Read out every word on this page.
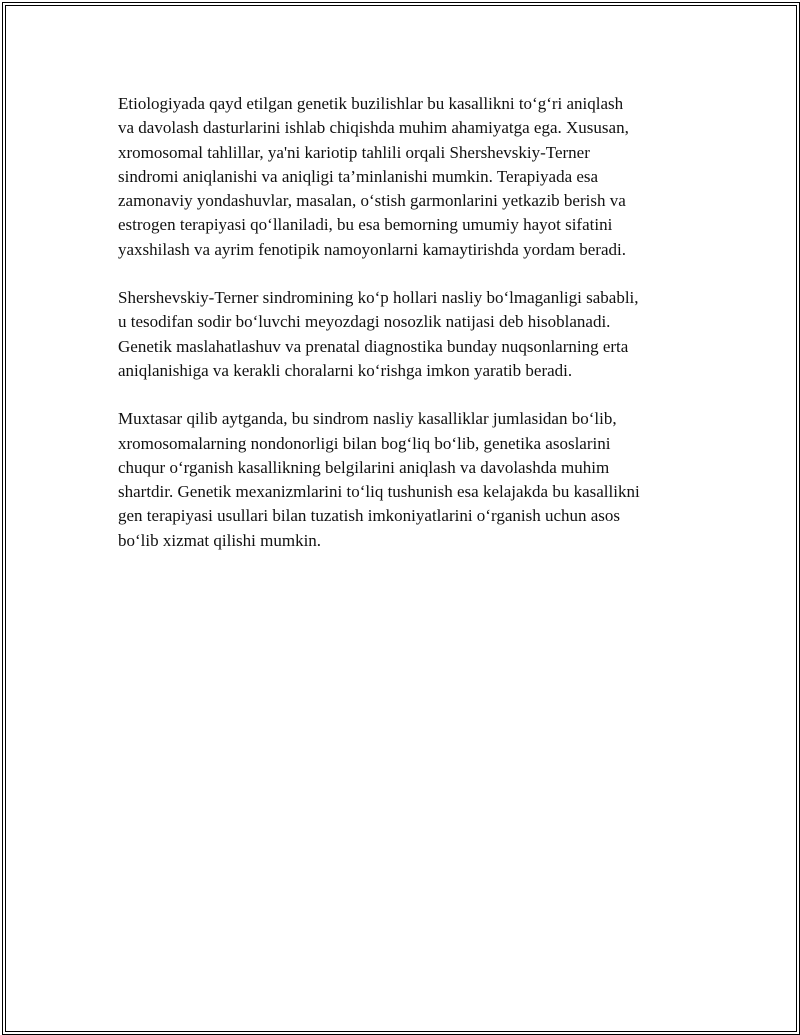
Etiologiyada qayd etilgan genetik buzilishlar bu kasallikni to‘g‘ri aniqlash
va davolash dasturlarini ishlab chiqishda muhim ahamiyatga ega. Xususan,
xromosomal tahlillar, ya'ni kariotip tahlili orqali Shershevskiy-Terner
sindromi aniqlanishi va aniqligi ta’minlanishi mumkin. Terapiyada esa
zamonaviy yondashuvlar, masalan, o‘stish garmonlarini yetkazib berish va
estrogen terapiyasi qo‘llaniladi, bu esa bemorning umumiy hayot sifatini
yaxshilash va ayrim fenotipik namoyonlarni kamaytirishda yordam beradi.

Shershevskiy-Terner sindromining ko‘p hollari nasliy bo‘lmaganligi sababli,
u tesodifan sodir bo‘luvchi meyozdagi nosozlik natijasi deb hisoblanadi.
Genetik maslahatlashuv va prenatal diagnostika bunday nuqsonlarning erta
aniqlanishiga va kerakli choralarni ko‘rishga imkon yaratib beradi.

Muxtasar qilib aytganda, bu sindrom nasliy kasalliklar jumlasidan bo‘lib,
xromosomalarning nondonorligi bilan bog‘liq bo‘lib, genetika asoslarini
chuqur o‘rganish kasallikning belgilarini aniqlash va davolashda muhim
shartdir. Genetik mexanizmlarini to‘liq tushunish esa kelajakda bu kasallikni
gen terapiyasi usullari bilan tuzatish imkoniyatlarini o‘rganish uchun asos
bo‘lib xizmat qilishi mumkin.
